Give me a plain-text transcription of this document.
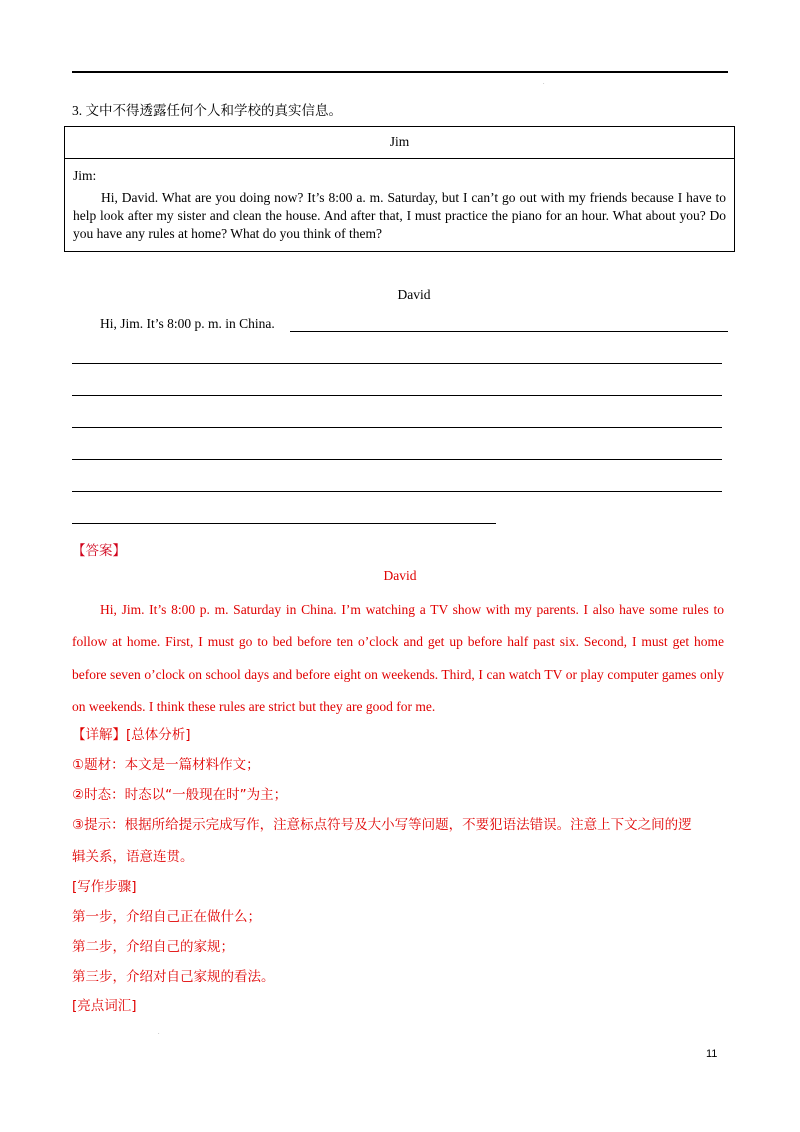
.
3. 文中不得透露任何个人和学校的真实信息。
Jim
Jim:
Hi, David. What are you doing now? It’s 8:00 a. m. Saturday, but I can’t go out with my friends because I have to help look after my sister and clean the house. And after that, I must practice the piano for an hour. What about you? Do you have any rules at home? What do you think of them?
David
Hi, Jim. It’s 8:00 p. m. in China.
【答案】
David

Hi, Jim. It’s 8:00 p. m. Saturday in China. I’m watching a TV show with my parents. I also have some rules to follow at home. First, I must go to bed before ten o’clock and get up before half past six. Second, I must get home before seven o’clock on school days and before eight on weekends. Third, I can watch TV or play computer games only on weekends. I think these rules are strict but they are good for me.

【详解】[总体分析]
①题材：本文是一篇材料作文；
②时态：时态以“一般现在时”为主；
③提示：根据所给提示完成写作，注意标点符号及大小写等问题，不要犯语法错误。注意上下文之间的逻
辑关系，语意连贯。
[写作步骤]
第一步，介绍自己正在做什么；
第二步，介绍自己的家规；
第三步，介绍对自己家规的看法。
[亮点词汇]
.
11
